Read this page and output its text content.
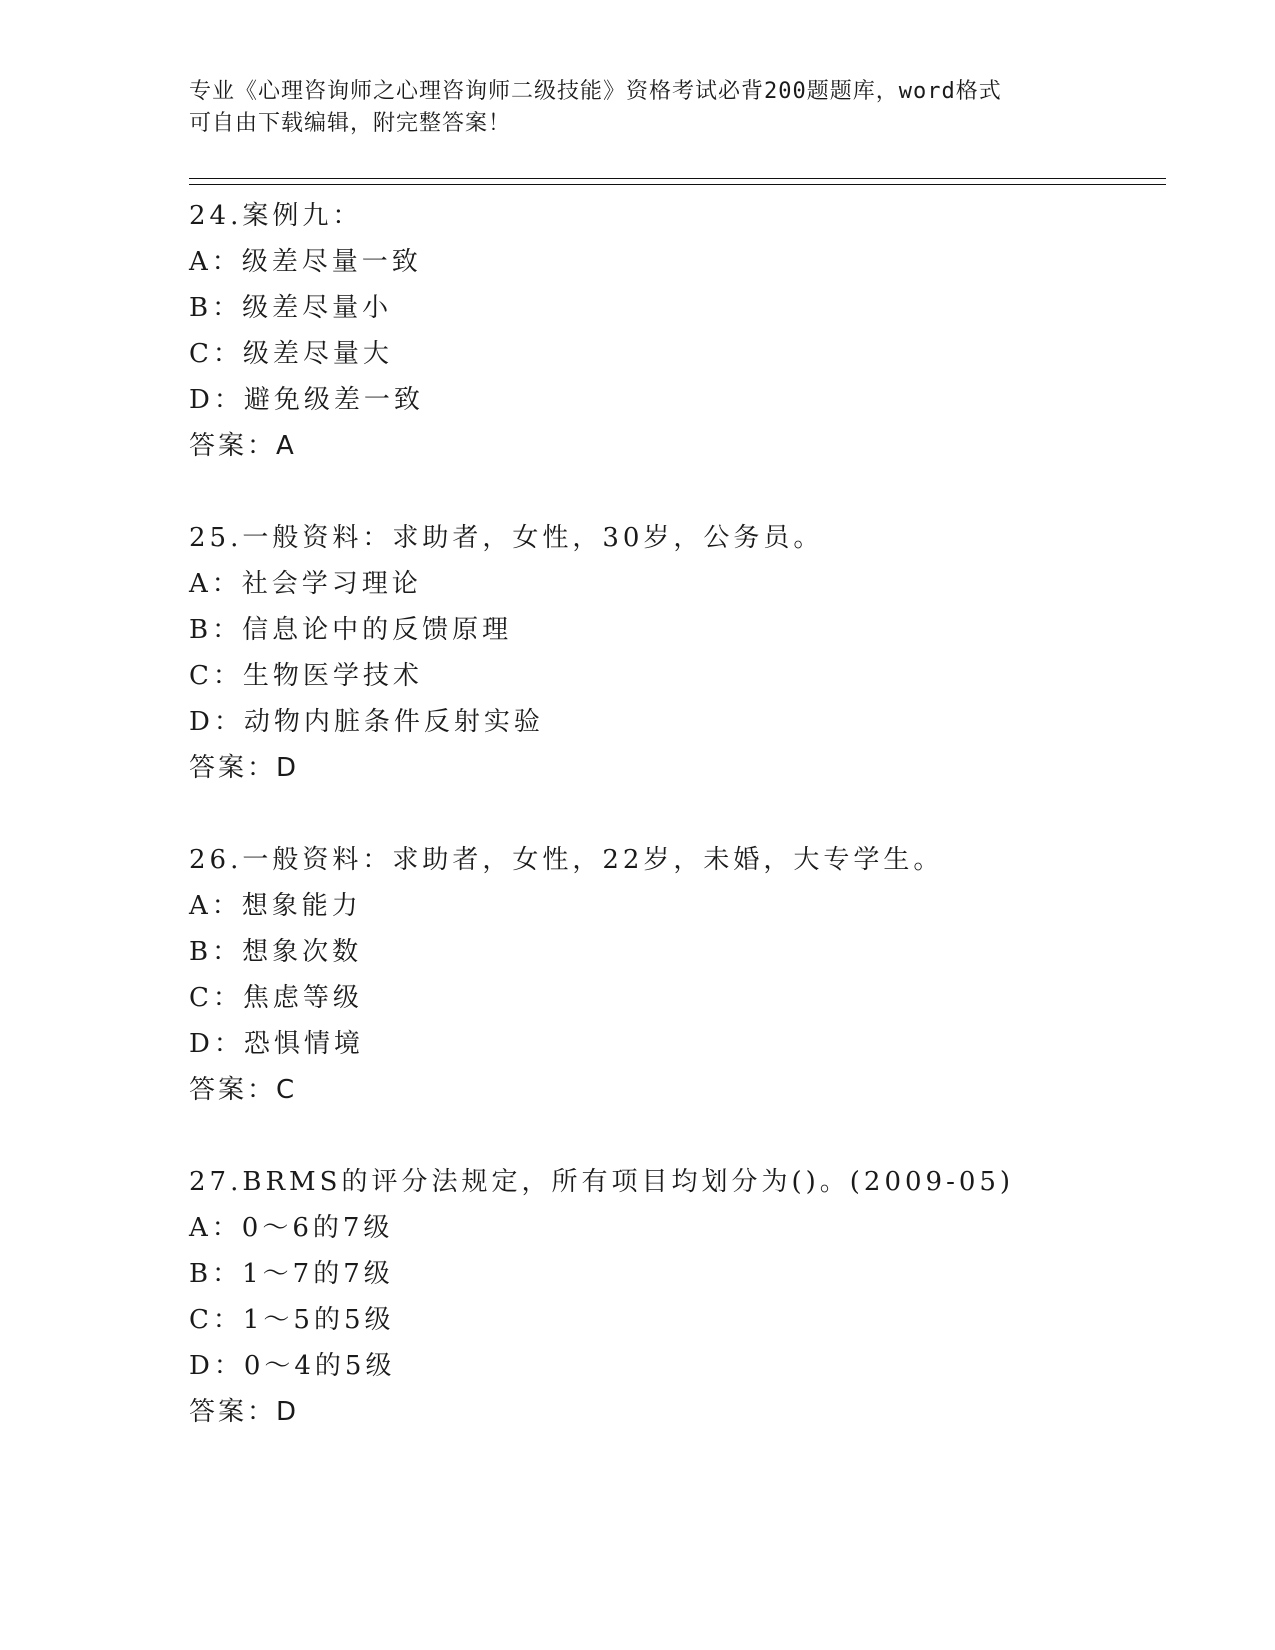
专业《心理咨询师之心理咨询师二级技能》资格考试必背200题题库，word格式
可自由下载编辑，附完整答案！
24.案例九：
A：级差尽量一致
B：级差尽量小
C：级差尽量大
D：避免级差一致
答案：A
25.一般资料：求助者，女性，30岁，公务员。
A：社会学习理论
B：信息论中的反馈原理
C：生物医学技术
D：动物内脏条件反射实验
答案：D
26.一般资料：求助者，女性，22岁，未婚，大专学生。
A：想象能力
B：想象次数
C：焦虑等级
D：恐惧情境
答案：C
27.BRMS的评分法规定，所有项目均划分为()。(2009-05)
A：0～6的7级
B：1～7的7级
C：1～5的5级
D：0～4的5级
答案：D
